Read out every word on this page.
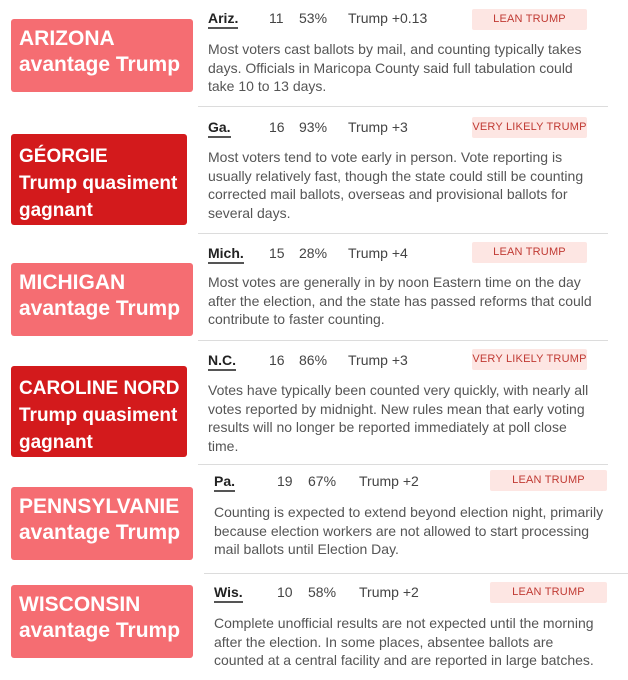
ARIZONA
avantage Trump
Ariz. 11 53% Trump +0.13	LEAN TRUMP

Most voters cast ballots by mail, and counting typically takes days. Officials in Maricopa County said full tabulation could take 10 to 13 days.

GÉORGIE
Trump quasiment
gagnant
Ga.	16 93% Trump +3	VERY LIKELY TRUMP

Most voters tend to vote early in person. Vote reporting is usually relatively fast, though the state could still be counting corrected mail ballots, overseas and provisional ballots for several days.

MICHIGAN
avantage Trump
Mich. 15 28% Trump +4	LEAN TRUMP

Most votes are generally in by noon Eastern time on the day after the election, and the state has passed reforms that could contribute to faster counting.

CAROLINE NORD
Trump quasiment
gagnant
N.C. 16 86% Trump +3	VERY LIKELY TRUMP

Votes have typically been counted very quickly, with nearly all votes reported by midnight. New rules mean that early voting results will no longer be reported immediately at poll close time.

PENNSYLVANIE
avantage Trump
Pa.	19 67% Trump +2	LEAN TRUMP

Counting is expected to extend beyond election night, primarily because election workers are not allowed to start processing mail ballots until Election Day.

WISCONSIN
avantage Trump
Wis. 10 58% Trump +2	LEAN TRUMP

Complete unofficial results are not expected until the morning after the election. In some places, absentee ballots are counted at a central facility and are reported in large batches.
